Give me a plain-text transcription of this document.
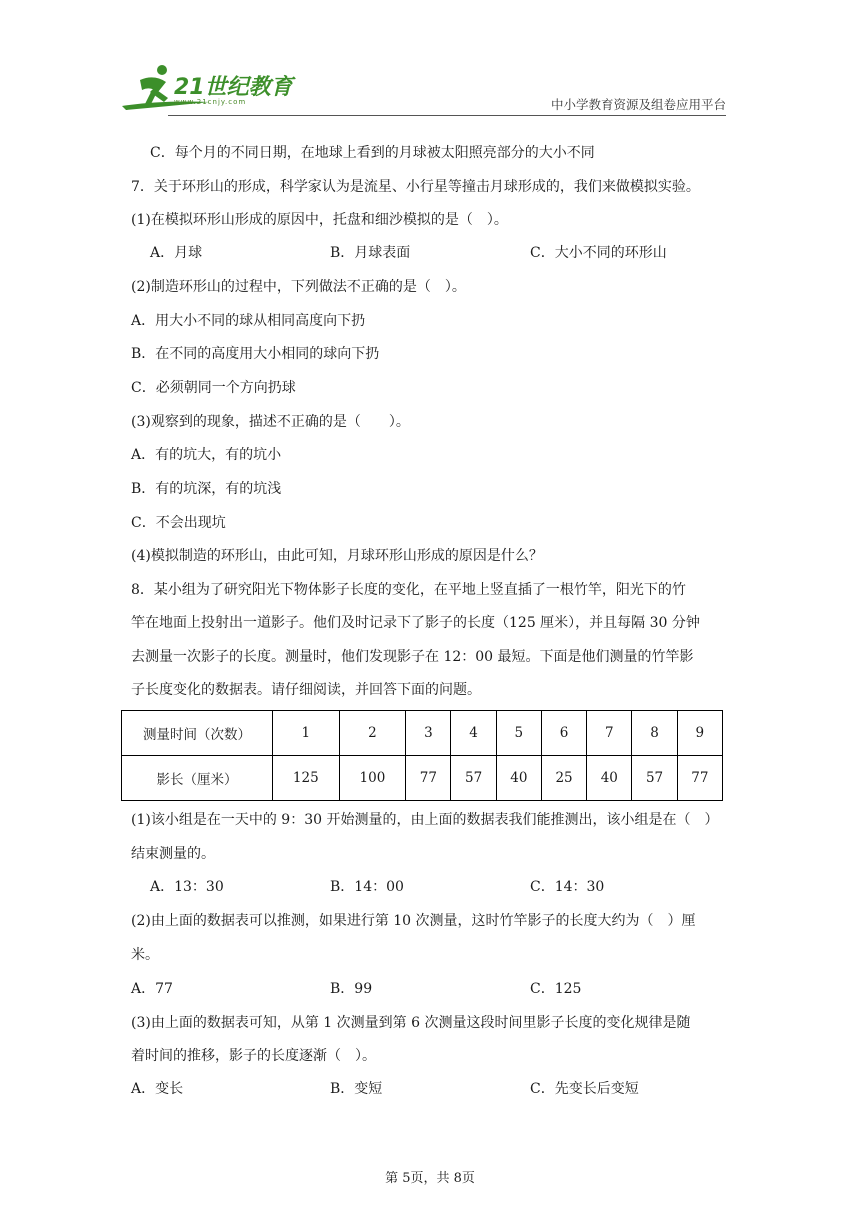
21世纪教育
www.21cnjy.com	中小学教育资源及组卷应用平台
C．每个月的不同日期，在地球上看到的月球被太阳照亮部分的大小不同
7．关于环形山的形成，科学家认为是流星、小行星等撞击月球形成的，我们来做模拟实验。
(1)在模拟环形山形成的原因中，托盘和细沙模拟的是（　）。
A．月球	B．月球表面	C．大小不同的环形山
(2)制造环形山的过程中，下列做法不正确的是（　）。
A．用大小不同的球从相同高度向下扔
B．在不同的高度用大小相同的球向下扔
C．必须朝同一个方向扔球
(3)观察到的现象，描述不正确的是（　　）。
A．有的坑大，有的坑小
B．有的坑深，有的坑浅
C．不会出现坑
(4)模拟制造的环形山，由此可知，月球环形山形成的原因是什么？
8．某小组为了研究阳光下物体影子长度的变化，在平地上竖直插了一根竹竿，阳光下的竹
竿在地面上投射出一道影子。他们及时记录下了影子的长度（125 厘米），并且每隔 30 分钟
去测量一次影子的长度。测量时，他们发现影子在 12：00 最短。下面是他们测量的竹竿影
子长度变化的数据表。请仔细阅读，并回答下面的问题。
测量时间（次数）	1	2	3	4	5	6	7	8	9
影长（厘米）	125	100	77	57	40	25	40	57	77
(1)该小组是在一天中的 9：30 开始测量的，由上面的数据表我们能推测出，该小组是在（　）
结束测量的。
A．13：30	B．14：00	C．14：30
(2)由上面的数据表可以推测，如果进行第 10 次测量，这时竹竿影子的长度大约为（　）厘
米。
A．77	B．99	C．125
(3)由上面的数据表可知，从第 1 次测量到第 6 次测量这段时间里影子长度的变化规律是随
着时间的推移，影子的长度逐渐（　）。
A．变长	B．变短	C．先变长后变短
第 5页，共 8页
